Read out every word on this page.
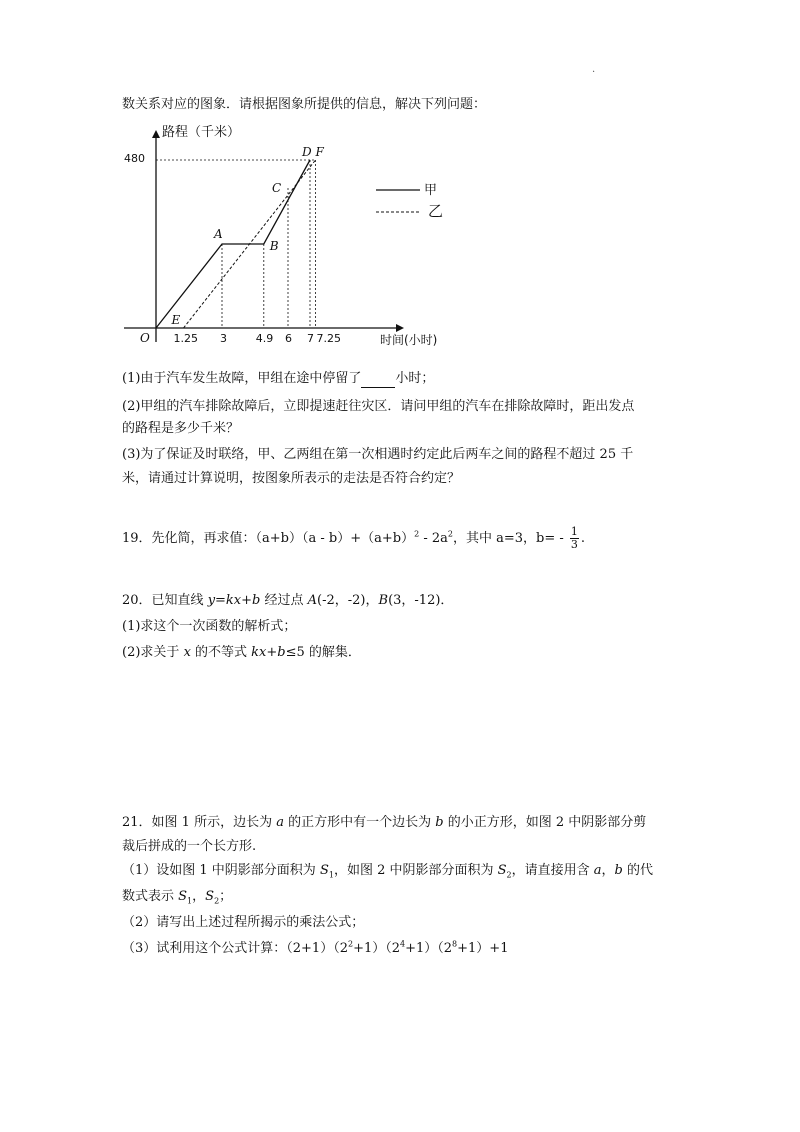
.
数关系对应的图象．请根据图象所提供的信息，解决下列问题：
路程（千米）
时间(小时)
O
480
甲
乙
1.25 3	4.9 6 7 7.25
A
B
C
D
E
F
(1)由于汽车发生故障，甲组在途中停留了	小时；
(2)甲组的汽车排除故障后，立即提速赶往灾区．请问甲组的汽车在排除故障时，距出发点
的路程是多少千米？
(3)为了保证及时联络，甲、乙两组在第一次相遇时约定此后两车之间的路程不超过 25 千
米，请通过计算说明，按图象所表示的走法是否符合约定？
19．先化简，再求值：$(a+b)(a - b)+(a+b)^2 - 2a^2$，其中 a=3，$b= - \frac{1}{3}$ .
20．已知直线 y=kx+b 经过点 A(-2，-2)，B(3，-12)．
(1)求这个一次函数的解析式；
(2)求关于 x 的不等式 kx+b≤5 的解集．
21．如图 1 所示，边长为 a 的正方形中有一个边长为 b 的小正方形，如图 2 中阴影部分剪
裁后拼成的一个长方形.
（1）设如图 1 中阴影部分面积为 $S_1$，如图 2 中阴影部分面积为 $S_2$，请直接用含 a，b 的代
数式表示 $S_1$，$S_2$；
（2）请写出上述过程所揭示的乘法公式；
（3）试利用这个公式计算：$(2+1)(2^2+1)(2^4+1)(2^8+1)+1$
